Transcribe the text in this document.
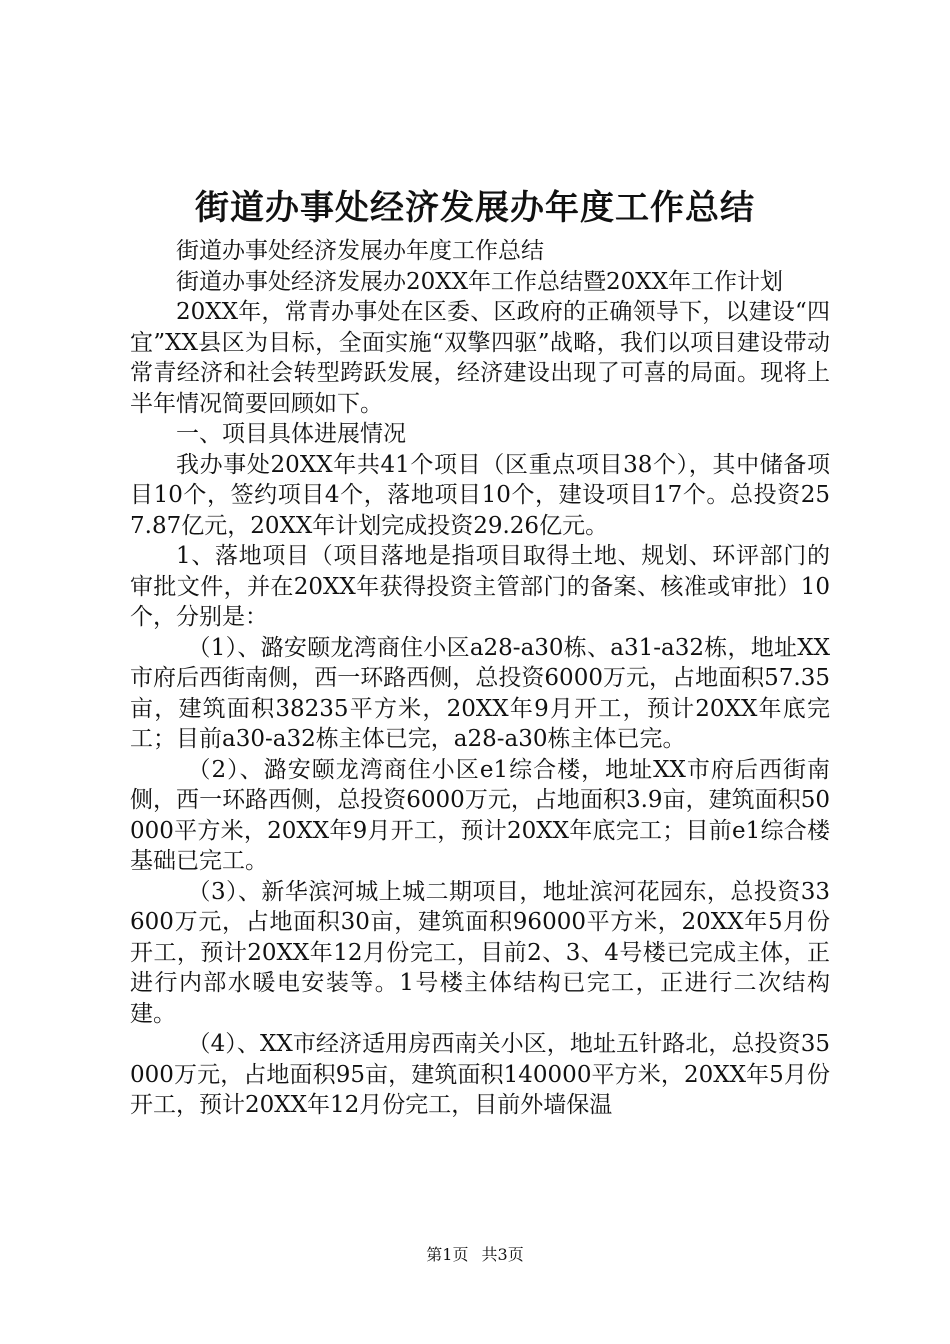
街道办事处经济发展办年度工作总结

街道办事处经济发展办年度工作总结

街道办事处经济发展办20XX年工作总结暨20XX年工作计划

20XX年，常青办事处在区委、区政府的正确领导下，以建设“四宜”XX县区为目标，全面实施“双擎四驱”战略，我们以项目建设带动常青经济和社会转型跨跃发展，经济建设出现了可喜的局面。现将上半年情况简要回顾如下。

一、项目具体进展情况

我办事处20XX年共41个项目（区重点项目38个），其中储备项目10个，签约项目4个，落地项目10个，建设项目17个。总投资257.87亿元，20XX年计划完成投资29.26亿元。

1、落地项目（项目落地是指项目取得土地、规划、环评部门的审批文件，并在20XX年获得投资主管部门的备案、核准或审批）10个，分别是：

（1）、潞安颐龙湾商住小区a28-a30栋、a31-a32栋，地址XX市府后西街南侧，西一环路西侧，总投资6000万元，占地面积57.35亩，建筑面积38235平方米，20XX年9月开工，预计20XX年底完工；目前a30-a32栋主体已完，a28-a30栋主体已完。

（2）、潞安颐龙湾商住小区e1综合楼，地址XX市府后西街南侧，西一环路西侧，总投资6000万元，占地面积3.9亩，建筑面积50000平方米，20XX年9月开工，预计20XX年底完工；目前e1综合楼基础已完工。

（3）、新华滨河城上城二期项目，地址滨河花园东，总投资33600万元，占地面积30亩，建筑面积96000平方米，20XX年5月份开工，预计20XX年12月份完工，目前2、3、4号楼已完成主体，正进行内部水暖电安装等。1号楼主体结构已完工，正进行二次结构建。

（4）、XX市经济适用房西南关小区，地址五针路北，总投资35000万元，占地面积95亩，建筑面积140000平方米，20XX年5月份开工，预计20XX年12月份完工，目前外墙保温

第1页 共3页
